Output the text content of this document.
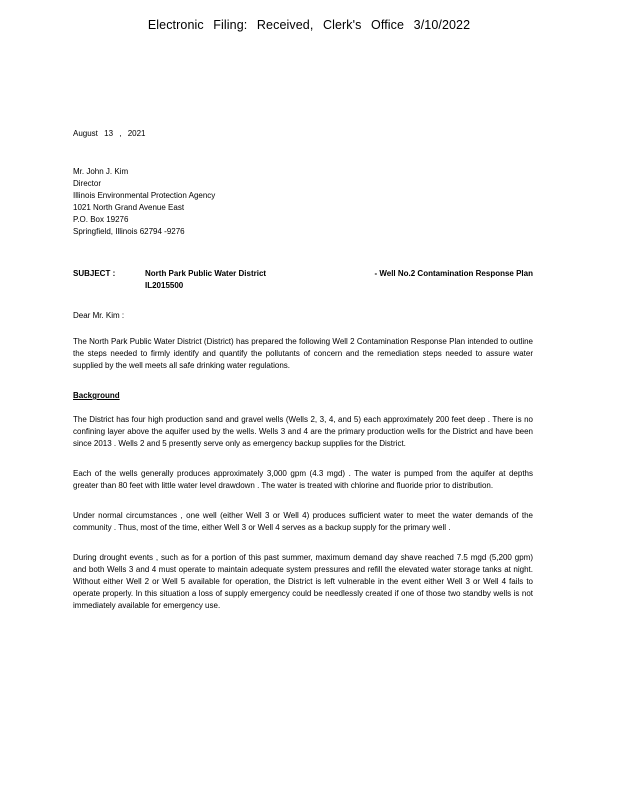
Electronic Filing: Received, Clerk's Office 3/10/2022
August 13 , 2021
Mr. John J. Kim
Director
Illinois Environmental Protection Agency
1021 North Grand Avenue East
P.O. Box 19276
Springfield, Illinois 62794 -9276
SUBJECT :	North Park Public Water District	- Well No.2 Contamination Response Plan
IL2015500
Dear Mr. Kim :
The North Park Public Water District (District) has prepared the following Well 2 Contamination Response Plan intended to outline the steps needed to firmly identify and quantify the pollutants of concern and the remediation steps needed to assure water supplied by the well meets all safe drinking water regulations.
Background
The District has four high production sand and gravel wells (Wells 2, 3, 4, and 5) each approximately 200 feet deep . There is no confining layer above the aquifer used by the wells. Wells 3 and 4 are the primary production wells for the District and have been since 2013 . Wells 2 and 5 presently serve only as emergency backup supplies for the District.
Each of the wells generally produces approximately 3,000 gpm (4.3 mgd) . The water is pumped from the aquifer at depths greater than 80 feet with little water level drawdown . The water is treated with chlorine and fluoride prior to distribution.
Under normal circumstances , one well (either Well 3 or Well 4) produces sufficient water to meet the water demands of the community . Thus, most of the time, either Well 3 or Well 4 serves as a backup supply for the primary well .
During drought events , such as for a portion of this past summer, maximum demand day shave reached 7.5 mgd (5,200 gpm) and both Wells 3 and 4 must operate to maintain adequate system pressures and refill the elevated water storage tanks at night. Without either Well 2 or Well 5 available for operation, the District is left vulnerable in the event either Well 3 or Well 4 fails to operate properly. In this situation a loss of supply emergency could be needlessly created if one of those two standby wells is not immediately available for emergency use.
